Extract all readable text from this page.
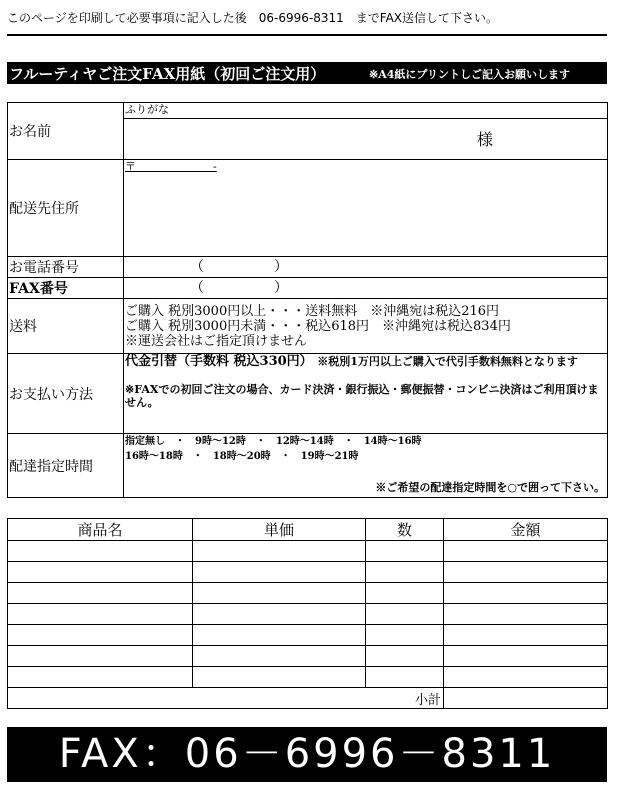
このページを印刷して必要事項に記入した後　06-6996-8311　までFAX送信して下さい。
フルーティヤご注文FAX用紙（初回ご注文用）	※A4紙にプリントしご記入お願いします
お名前	ふりがな
	様
配送先住所	〒　　　　　　　-
お電話番号	（　　　　　）
FAX番号	（　　　　　）
送料	ご購入 税別3000円以上・・・送料無料　※沖縄宛は税込216円
ご購入 税別3000円未満・・・税込618円　※沖縄宛は税込834円
※運送会社はご指定頂けません

お支払い方法	代金引替（手数料 税込330円） ※税別1万円以上ご購入で代引手数料無料となります
※FAXでの初回ご注文の場合、カード決済・銀行振込・郵便振替・コンビニ決済はご利用頂けません。

配達指定時間	指定無し　・　9時～12時　・　12時～14時　・　14時～16時
16時～18時　・　18時～20時　・　19時～21時
※ご希望の配達指定時間を○で囲って下さい。
商品名	単価	数	金額

小計			
FAX：06－6996－8311
